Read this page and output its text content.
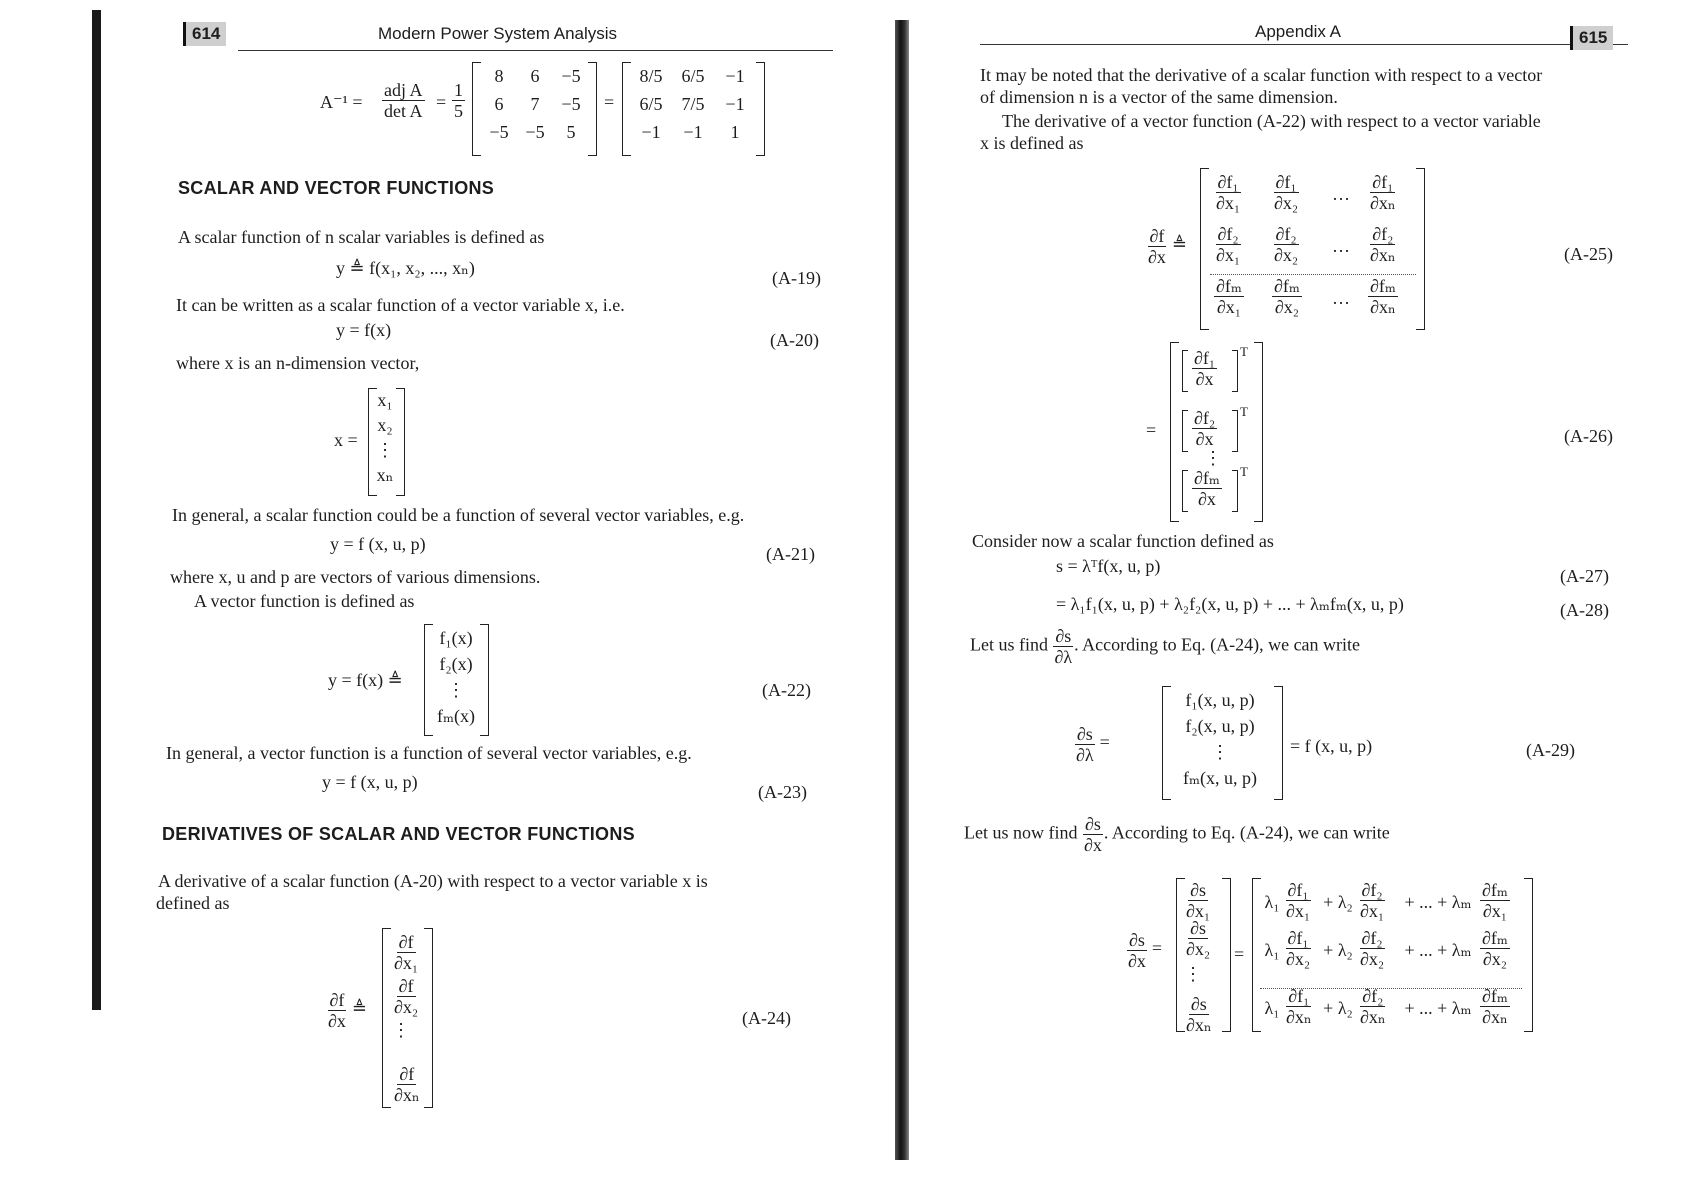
614	Modern Power System Analysis
$A^{-1} = \frac{\text{adj A}}{\text{det A}} = \frac{1}{5}$	=
SCALAR AND VECTOR FUNCTIONS
A scalar function of n scalar variables is defined as
y ≜ f(x₁, x₂, ..., xₙ)	(A-19)
It can be written as a scalar function of a vector variable x, i.e.
y = f(x)	(A-20)
where x is an n-dimension vector,
x =
In general, a scalar function could be a function of several vector variables, e.g.
y = f (x, u, p)	(A-21)
where x, u and p are vectors of various dimensions.
A vector function is defined as
y = f(x) ≜	(A-22)
In general, a vector function is a function of several vector variables, e.g.
y = f (x, u, p)	(A-23)
DERIVATIVES OF SCALAR AND VECTOR FUNCTIONS
A derivative of a scalar function (A-20) with respect to a vector variable x is
defined as
$\frac{\partial f}{\partial x}$ ≜	(A-24)
8	6	−5
6	7	−5
−5 −5	5
8/5	6/5	−1
6/5	7/5	−1
−1	−1	1
x₁
x₂
⋮
xₙ
f₁(x)
f₂(x)
⋮
fₘ(x)
$\frac{\partial f}{\text{∂x₁}}$
$\frac{\partial f}{\text{∂x₂}}$
⋮
$\frac{\partial f}{\text{∂xₙ}}$
Appendix A	615
It may be noted that the derivative of a scalar function with respect to a vector
of dimension n is a vector of the same dimension.
The derivative of a vector function (A-22) with respect to a vector variable
x is defined as
$\frac{\partial f}{\partial x}$ ≜	(A-25)
=	(A-26)
Consider now a scalar function defined as
s = λᵀf(x, u, p)	(A-27)
= λ₁f₁(x, u, p) + λ₂f₂(x, u, p) + ... + λₘfₘ(x, u, p)	(A-28)
Let us find $\frac{\partial s}{\partial\lambda}$ . According to Eq. (A-24), we can write
$\frac{\partial s}{\partial\lambda}$ =	= f (x, u, p)	(A-29)
Let us now find $\frac{\partial s}{\partial x}$ . According to Eq. (A-24), we can write
$\frac{\partial s}{\partial x}$ =	=
$\frac{\text{∂f₁}}{\text{∂x₁}} \frac{\text{∂f₁}}{\text{∂x₂}}$ … $\frac{\text{∂f₁}}{\text{∂xₙ}}$
$\frac{\text{∂f₂}}{\text{∂x₁}} \frac{\text{∂f₂}}{\text{∂x₂}}$ … $\frac{\text{∂f₂}}{\text{∂xₙ}}$
$\frac{\text{∂fₘ}}{\text{∂x₁}} \frac{\text{∂fₘ}}{\text{∂x₂}}$ … $\frac{\text{∂fₘ}}{\text{∂xₙ}}$
$\frac{\text{∂f₁}}{\partial x}$ T
$\frac{\text{∂f₂}}{\partial x}$ T
$\frac{\text{∂fₘ}}{\partial x}$ T
⋮
f₁(x, u, p)
f₂(x, u, p)
⋮
fₘ(x, u, p)
$\frac{\partial s}{\text{∂x₁}}$
$\frac{\partial s}{\text{∂x₂}}$
⋮
$\frac{\partial s}{\text{∂xₙ}}$
$\lambda_1 \frac{\text{∂f₁}}{\text{∂x₁}} + \lambda_2 \frac{\text{∂f₂}}{\text{∂x₁}}$	+ ... + λₘ $\frac{\text{∂fₘ}}{\text{∂x₁}}$
$\lambda_1 \frac{\text{∂f₁}}{\text{∂x₂}} + \lambda_2 \frac{\text{∂f₂}}{\text{∂x₂}}$	+ ... + λₘ $\frac{\text{∂fₘ}}{\text{∂x₂}}$
$\lambda_1 \frac{\text{∂f₁}}{\text{∂xₙ}} + \lambda_2 \frac{\text{∂f₂}}{\text{∂xₙ}}$ + ... + λₘ $\frac{\text{∂fₘ}}{\text{∂xₙ}}$
